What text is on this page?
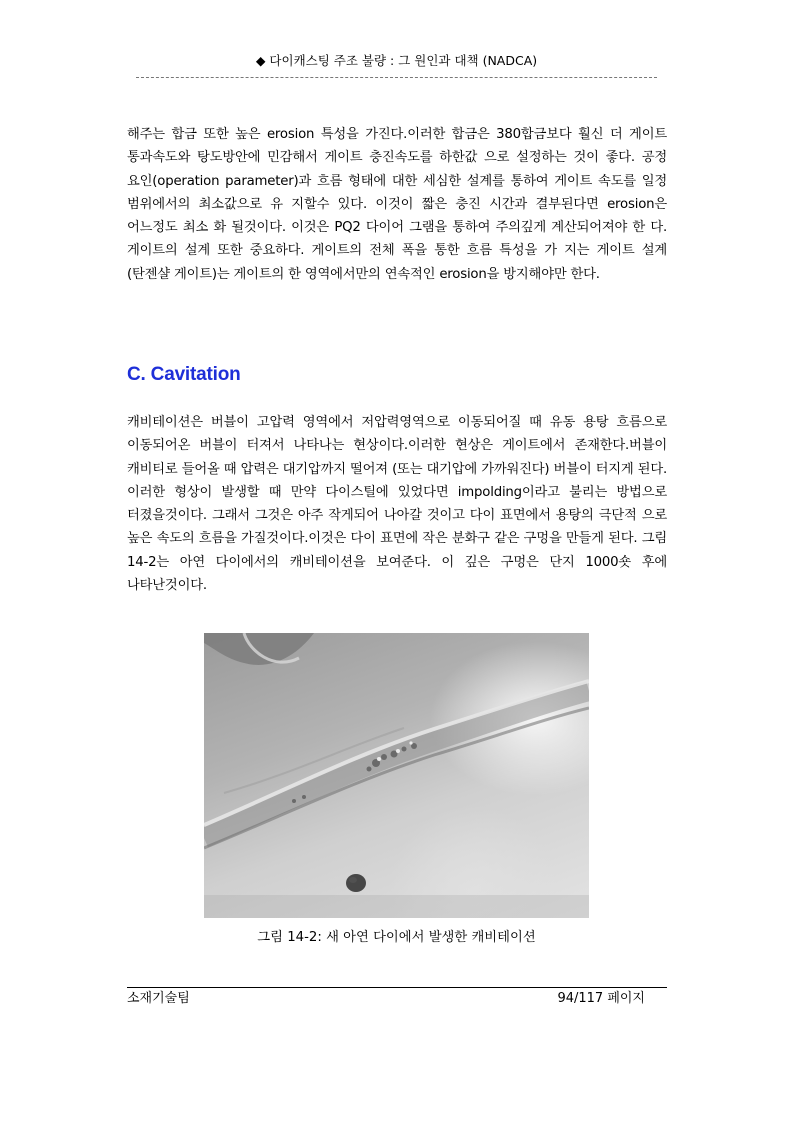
◆ 다이캐스팅 주조 불량 : 그 원인과 대책 (NADCA)

해주는 합금 또한 높은 erosion 특성을 가진다.이러한 합금은 380합금보다 훨신 더 게이트 통과속도와 탕도방안에 민감해서 게이트 충진속도를 하한값 으로 설정하는 것이 좋다. 공정 요인(operation parameter)과 흐름 형태에 대한 세심한 설계를 통하여 게이트 속도를 일정 범위에서의 최소값으로 유 지할수 있다. 이것이 짧은 충진 시간과 결부된다면 erosion은 어느정도 최소 화 될것이다. 이것은 PQ2 다이어 그램을 통하여 주의깊게 계산되어져야 한 다.게이트의 설계 또한 중요하다. 게이트의 전체 폭을 통한 흐름 특성을 가 지는 게이트 설계 (탄젠샬 게이트)는 게이트의 한 영역에서만의 연속적인 erosion을 방지해야만 한다.

C. Cavitation

캐비테이션은 버블이 고압력 영역에서 저압력영역으로 이동되어질 때 유동 용탕 흐름으로 이동되어온 버블이 터져서 나타나는 현상이다.이러한 현상은 게이트에서 존재한다.버블이 캐비티로 들어올 때 압력은 대기압까지 떨어져 (또는 대기압에 가까워진다) 버블이 터지게 된다. 이러한 형상이 발생할 때 만약 다이스틸에 있었다면 impolding이라고 불리는 방법으로 터졌을것이다. 그래서 그것은 아주 작게되어 나아갈 것이고 다이 표면에서 용탕의 극단적 으로 높은 속도의 흐름을 가질것이다.이것은 다이 표면에 작은 분화구 같은 구멍을 만들게 된다. 그림 14-2는 아연 다이에서의 캐비테이션을 보여준다. 이 깊은 구멍은 단지 1000숏 후에 나타난것이다.

그림 14-2: 새 아연 다이에서 발생한 캐비테이션

소재기술팀	94/117 페이지
